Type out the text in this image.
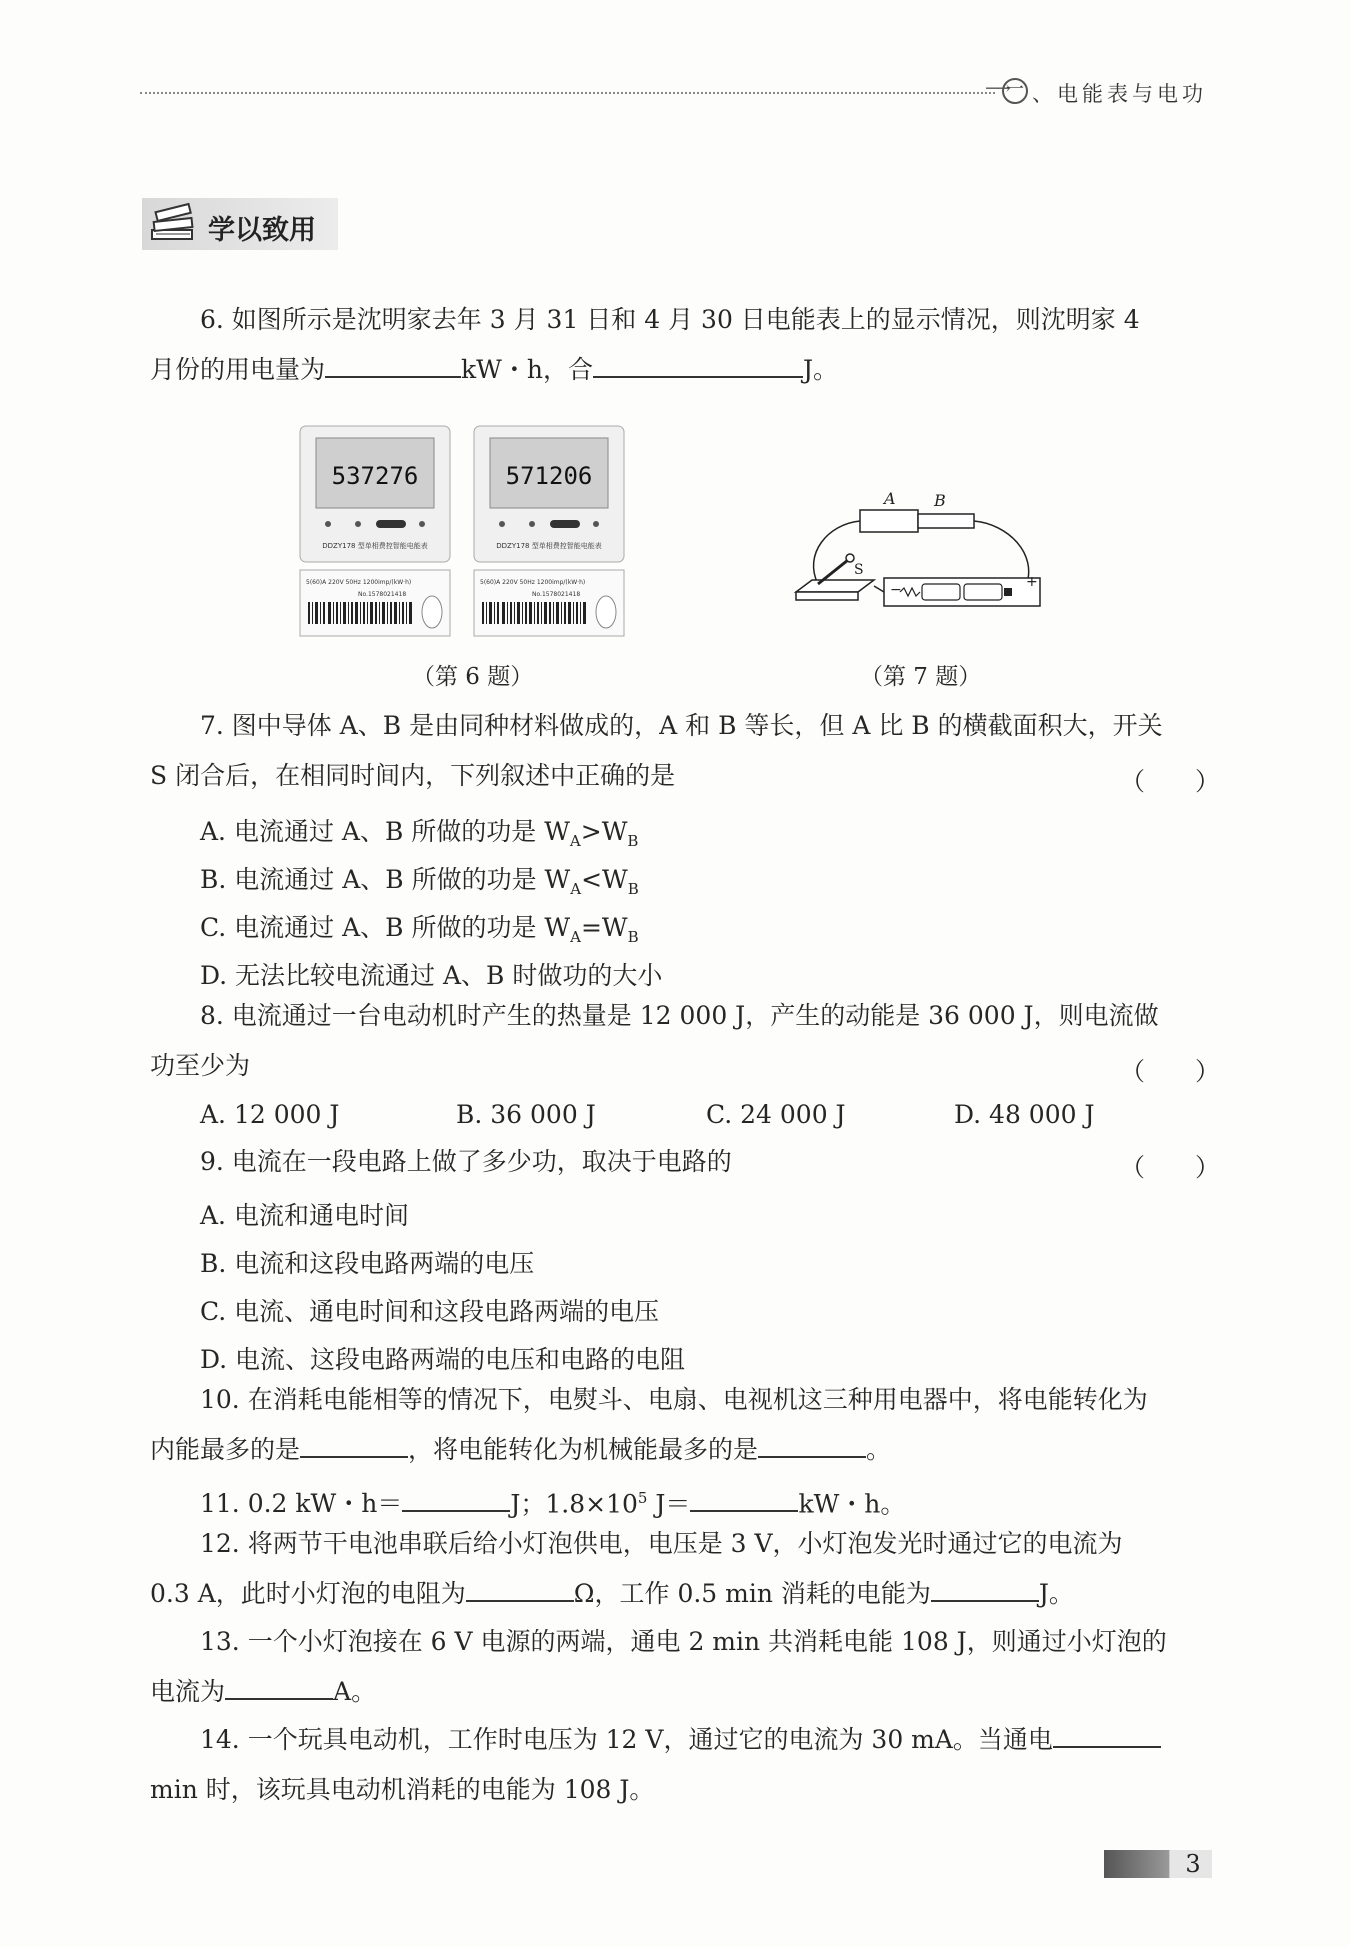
⟶
一 、电能表与电功
学以致用
6. 如图所示是沈明家去年 3 月 31 日和 4 月 30 日电能表上的显示情况，则沈明家 4
月份的用电量为	kW・h，合	J。
537276
DDZY178 型单相费控智能电能表
5(60)A 220V 50Hz 1200imp/(kW·h)
No.1578021418
571206
DDZY178 型单相费控智能电能表
5(60)A 220V 50Hz 1200imp/(kW·h)
No.1578021418
（第 6 题）
A B
S
−	+
（第 7 题）
7. 图中导体 A、B 是由同种材料做成的，A 和 B 等长，但 A 比 B 的横截面积大，开关
S 闭合后，在相同时间内，下列叙述中正确的是	（　　）
A. 电流通过 A、B 所做的功是 $W_A>W_B$
B. 电流通过 A、B 所做的功是 $W_A<W_B$
C. 电流通过 A、B 所做的功是 $W_A=W_B$
D. 无法比较电流通过 A、B 时做功的大小
8. 电流通过一台电动机时产生的热量是 12 000 J，产生的动能是 36 000 J，则电流做
功至少为	（　　）
A. 12 000 J	B. 36 000 J	C. 24 000 J	D. 48 000 J
9. 电流在一段电路上做了多少功，取决于电路的	（　　）
A. 电流和通电时间
B. 电流和这段电路两端的电压
C. 电流、通电时间和这段电路两端的电压
D. 电流、这段电路两端的电压和电路的电阻
10. 在消耗电能相等的情况下，电熨斗、电扇、电视机这三种用电器中，将电能转化为
内能最多的是	，将电能转化为机械能最多的是	。
11. 0.2 kW・h＝	J；$1.8\times 10^5$ J＝	kW・h。
12. 将两节干电池串联后给小灯泡供电，电压是 3 V，小灯泡发光时通过它的电流为
0.3 A，此时小灯泡的电阻为	Ω，工作 0.5 min 消耗的电能为	J。
13. 一个小灯泡接在 6 V 电源的两端，通电 2 min 共消耗电能 108 J，则通过小灯泡的
电流为	A。
14. 一个玩具电动机，工作时电压为 12 V，通过它的电流为 30 mA。当通电
min 时，该玩具电动机消耗的电能为 108 J。
3
